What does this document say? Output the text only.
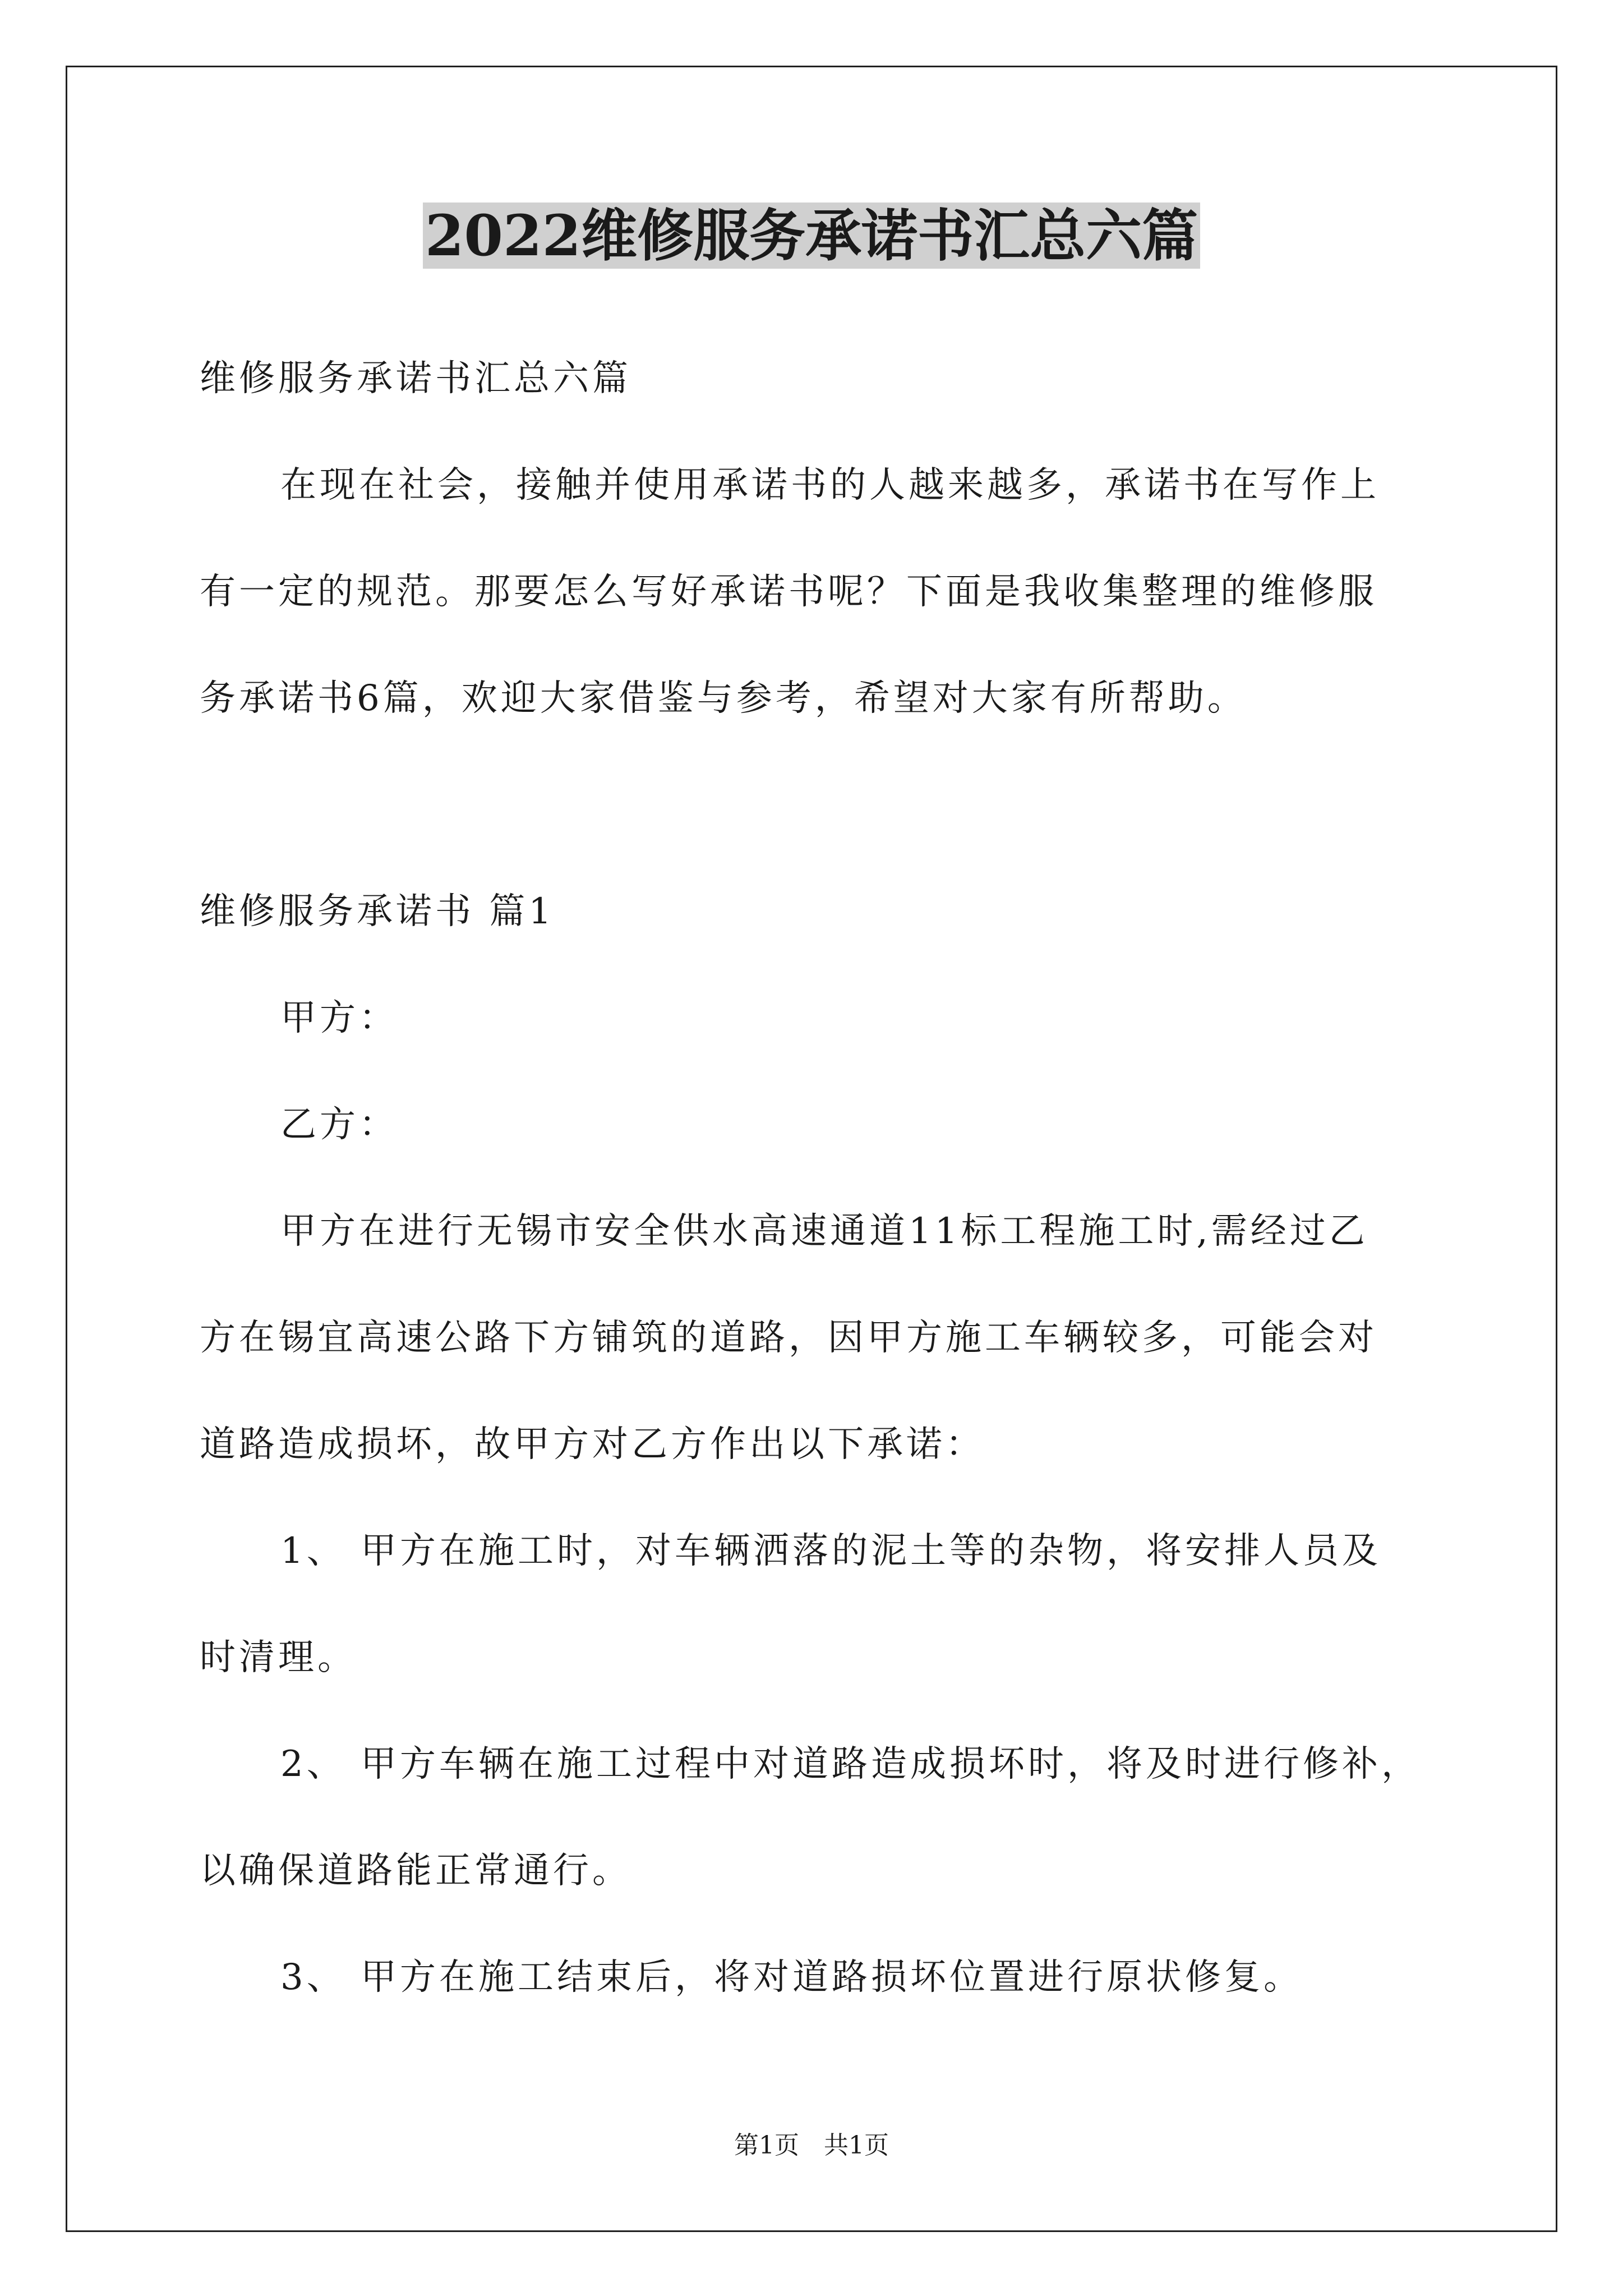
2022维修服务承诺书汇总六篇
维修服务承诺书汇总六篇
在现在社会，接触并使用承诺书的人越来越多，承诺书在写作上
有一定的规范。那要怎么写好承诺书呢？下面是我收集整理的维修服
务承诺书6篇，欢迎大家借鉴与参考，希望对大家有所帮助。
维修服务承诺书 篇1
甲方：
乙方：
甲方在进行无锡市安全供水高速通道11标工程施工时,需经过乙
方在锡宜高速公路下方铺筑的道路，因甲方施工车辆较多，可能会对
道路造成损坏，故甲方对乙方作出以下承诺：
1、 甲方在施工时，对车辆洒落的泥土等的杂物，将安排人员及
时清理。
2、 甲方车辆在施工过程中对道路造成损坏时，将及时进行修补，
以确保道路能正常通行。
3、 甲方在施工结束后，将对道路损坏位置进行原状修复。
第1页 共1页
